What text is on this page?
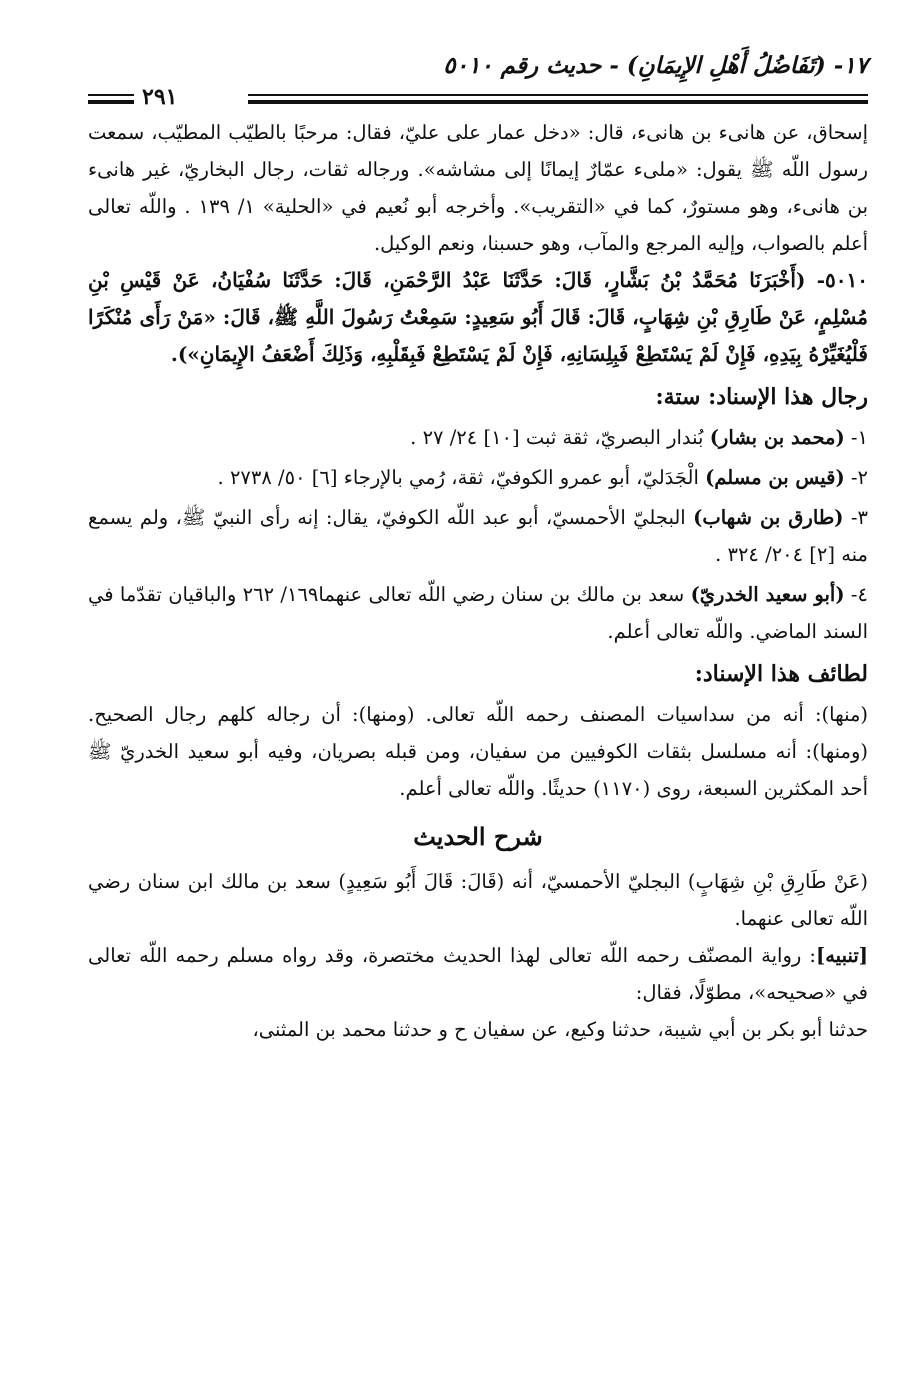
١٧- (تَفَاضُلُ أَهْلِ الإِيمَانِ) - حديث رقم ٥٠١٠
٢٩١

إسحاق، عن هانىء بن هانىء، قال: «دخل عمار على عليّ، فقال: مرحبًا بالطيّب المطيّب، سمعت رسول اللّه ﷺ يقول: «ملىء عمّارٌ إيمانًا إلى مشاشه». ورجاله ثقات، رجال البخاريّ، غير هانىء بن هانىء، وهو مستورٌ، كما في «التقريب». وأخرجه أبو نُعيم في «الحلية» ١/ ١٣٩ . واللّه تعالى أعلم بالصواب، وإليه المرجع والمآب، وهو حسبنا، ونعم الوكيل.

٥٠١٠- (أَخْبَرَنَا مُحَمَّدُ بْنُ بَشَّارٍ، قَالَ: حَدَّثَنَا عَبْدُ الرَّحْمَنِ، قَالَ: حَدَّثَنَا سُفْيَانُ، عَنْ قَيْسِ بْنِ مُسْلِمٍ، عَنْ طَارِقِ بْنِ شِهَابٍ، قَالَ: قَالَ أَبُو سَعِيدٍ: سَمِعْتُ رَسُولَ اللَّهِ ﷺ، قَالَ: «مَنْ رَأَى مُنْكَرًا فَلْيُغَيِّرْهُ بِيَدِهِ، فَإِنْ لَمْ يَسْتَطِعْ فَبِلِسَانِهِ، فَإِنْ لَمْ يَسْتَطِعْ فَبِقَلْبِهِ، وَذَلِكَ أَضْعَفُ الإِيمَانِ»).

رجال هذا الإسناد: ستة:

١- (محمد بن بشار) بُندار البصريّ، ثقة ثبت [١٠] ٢٤/ ٢٧ .

٢- (قيس بن مسلم) الْجَدَليّ، أبو عمرو الكوفيّ، ثقة، رُمي بالإرجاء [٦] ٥٠/ ٢٧٣٨ .

٣- (طارق بن شهاب) البجليّ الأحمسيّ، أبو عبد اللّه الكوفيّ، يقال: إنه رأى النبيّ ﷺ، ولم يسمع منه [٢] ٢٠٤/ ٣٢٤ .

٤- (أبو سعيد الخدريّ) سعد بن مالك بن سنان رضي اللّه تعالى عنهما١٦٩/ ٢٦٢ والباقيان تقدّما في السند الماضي. واللّه تعالى أعلم.

لطائف هذا الإسناد:

(منها): أنه من سداسيات المصنف رحمه اللّه تعالى. (ومنها): أن رجاله كلهم رجال الصحيح. (ومنها): أنه مسلسل بثقات الكوفيين من سفيان، ومن قبله بصريان، وفيه أبو سعيد الخدريّ ﷺ أحد المكثرين السبعة، روى (١١٧٠) حديثًا. واللّه تعالى أعلم.

شرح الحديث

(عَنْ طَارِقِ بْنِ شِهَابٍ) البجليّ الأحمسيّ، أنه (قَالَ: قَالَ أَبُو سَعِيدٍ) سعد بن مالك ابن سنان رضي اللّه تعالى عنهما.

[تنبيه]: رواية المصنّف رحمه اللّه تعالى لهذا الحديث مختصرة، وقد رواه مسلم رحمه اللّه تعالى في «صحيحه»، مطوّلًا، فقال:

حدثنا أبو بكر بن أبي شيبة، حدثنا وكيع، عن سفيان ح و حدثنا محمد بن المثنى،
